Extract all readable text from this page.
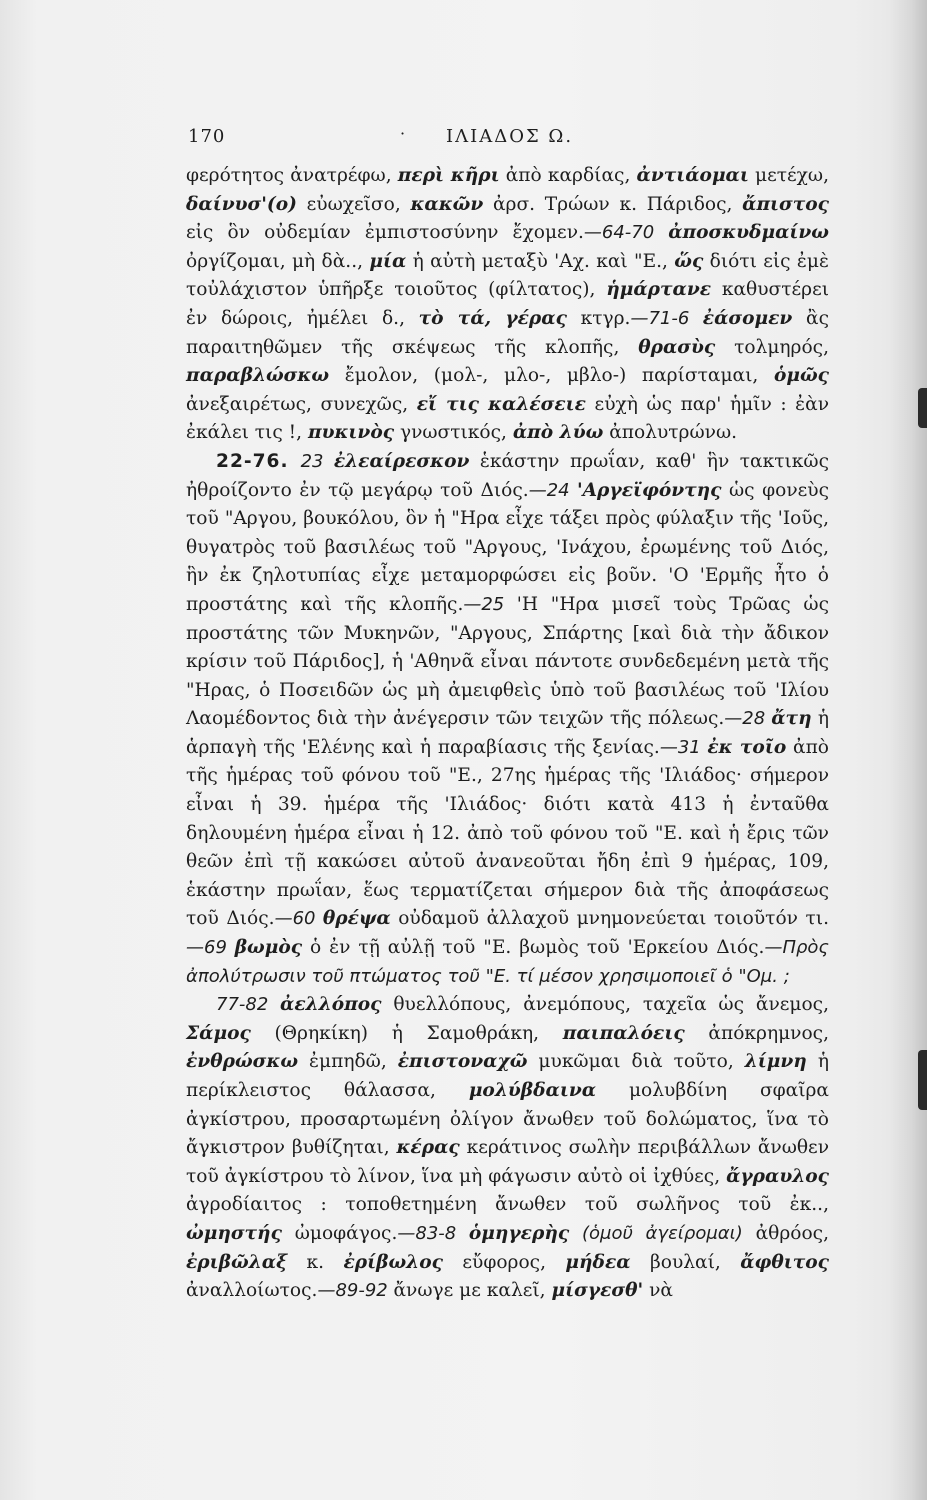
170	· ΙΛΙΑΔΟΣ Ω.

φερότητος ἀνατρέφω, περὶ κῆρι ἀπὸ καρδίας, ἀντιάομαι μετέχω, δαίνυσ'(ο) εὐωχεῖσο, κακῶν ἀρσ. Τρώων κ. Πάριδος, ἄπιστος εἰς ὃν οὐδεμίαν ἐμπιστοσύνην ἔχομεν.—64-70 ἀποσκυδμαίνω ὀργίζομαι, μὴ δὰ.., μία ἡ αὐτὴ μεταξὺ 'Αχ. καὶ "Ε., ὥς διότι εἰς ἐμὲ τοὐλάχιστον ὑπῆρξε τοιοῦτος (φίλτατος), ἡμάρτανε καθυστέρει ἐν δώροις, ἠμέλει δ., τὸ τά, γέρας κτγρ.—71-6 ἐάσομεν ἂς παραιτηθῶμεν τῆς σκέψεως τῆς κλοπῆς, θρασὺς τολμηρός, παραβλώσκω ἔμολον, (μολ-, μλο-, μβλο-) παρίσταμαι, ὁμῶς ἀνεξαιρέτως, συνεχῶς, εἴ τις καλέσειε εὐχὴ ὡς παρ' ἡμῖν : ἐὰν ἐκάλει τις !, πυκινὸς γνωστικός, ἀπὸ λύω ἀπολυτρώνω.

22-76. 23 ἐλεαίρεσκον ἑκάστην πρωΐαν, καθ' ἣν τακτικῶς ἠθροίζοντο ἐν τῷ μεγάρῳ τοῦ Διός.—24 'Αργεϊφόντης ὡς φονεὺς τοῦ "Αργου, βουκόλου, ὃν ἡ "Ηρα εἶχε τάξει πρὸς φύλαξιν τῆς 'Ιοῦς, θυγατρὸς τοῦ βασιλέως τοῦ "Αργους, 'Ινάχου, ἐρωμένης τοῦ Διός, ἣν ἐκ ζηλοτυπίας εἶχε μεταμορφώσει εἰς βοῦν. 'Ο 'Ερμῆς ἦτο ὁ προστάτης καὶ τῆς κλοπῆς.—25 'Η "Ηρα μισεῖ τοὺς Τρῶας ὡς προστάτης τῶν Μυκηνῶν, "Αργους, Σπάρτης [καὶ διὰ τὴν ἄδικον κρίσιν τοῦ Πάριδος], ἡ 'Αθηνᾶ εἶναι πάντοτε συνδεδεμένη μετὰ τῆς "Ηρας, ὁ Ποσειδῶν ὡς μὴ ἀμειφθεὶς ὑπὸ τοῦ βασιλέως τοῦ 'Ιλίου Λαομέδοντος διὰ τὴν ἀνέγερσιν τῶν τειχῶν τῆς πόλεως.—28 ἄτη ἡ ἁρπαγὴ τῆς 'Ελένης καὶ ἡ παραβίασις τῆς ξενίας.—31 ἐκ τοῖο ἀπὸ τῆς ἡμέρας τοῦ φόνου τοῦ "Ε., 27ης ἡμέρας τῆς 'Ιλιάδος· σήμερον εἶναι ἡ 39. ἡμέρα τῆς 'Ιλιάδος· διότι κατὰ 413 ἡ ἐνταῦθα δηλουμένη ἡμέρα εἶναι ἡ 12. ἀπὸ τοῦ φόνου τοῦ "Ε. καὶ ἡ ἔρις τῶν θεῶν ἐπὶ τῇ κακώσει αὐτοῦ ἀνανεοῦται ἤδη ἐπὶ 9 ἡμέρας, 109, ἑκάστην πρωΐαν, ἕως τερματίζεται σήμερον διὰ τῆς ἀποφάσεως τοῦ Διός.—60 θρέψα οὐδαμοῦ ἀλλαχοῦ μνημονεύεται τοιοῦτόν τι.—69 βωμὸς ὁ ἐν τῇ αὐλῇ τοῦ "Ε. βωμὸς τοῦ 'Ερκείου Διός.—Πρὸς ἀπολύτρωσιν τοῦ πτώματος τοῦ "Ε. τί μέσον χρησιμοποιεῖ ὁ "Ομ. ;

77-82 ἀελλόπος θυελλόπους, ἀνεμόπους, ταχεῖα ὡς ἄνεμος, Σάμος (Θρηκίκη) ἡ Σαμοθράκη, παιπαλόεις ἀπόκρημνος, ἐνθρώσκω ἐμπηδῶ, ἐπιστοναχῶ μυκῶμαι διὰ τοῦτο, λίμνη ἡ περίκλειστος θάλασσα, μολύβδαινα μολυβδίνη σφαῖρα ἀγκίστρου, προσαρτωμένη ὀλίγον ἄνωθεν τοῦ δολώματος, ἵνα τὸ ἄγκιστρον βυθίζηται, κέρας κεράτινος σωλὴν περιβάλλων ἄνωθεν τοῦ ἀγκίστρου τὸ λίνον, ἵνα μὴ φάγωσιν αὐτὸ οἱ ἰχθύες, ἄγραυλος ἀγροδίαιτος : τοποθετημένη ἄνωθεν τοῦ σωλῆνος τοῦ ἐκ.., ὠμηστής ὠμοφάγος.—83-8 ὁμηγερὴς (ὁμοῦ ἀγείρομαι) ἀθρόος, ἐριβῶλαξ κ. ἐρίβωλος εὔφορος, μήδεα βουλαί, ἄφθιτος ἀναλλοίωτος.—89-92 ἄνωγε με καλεῖ, μίσγεσθ' νὰ
